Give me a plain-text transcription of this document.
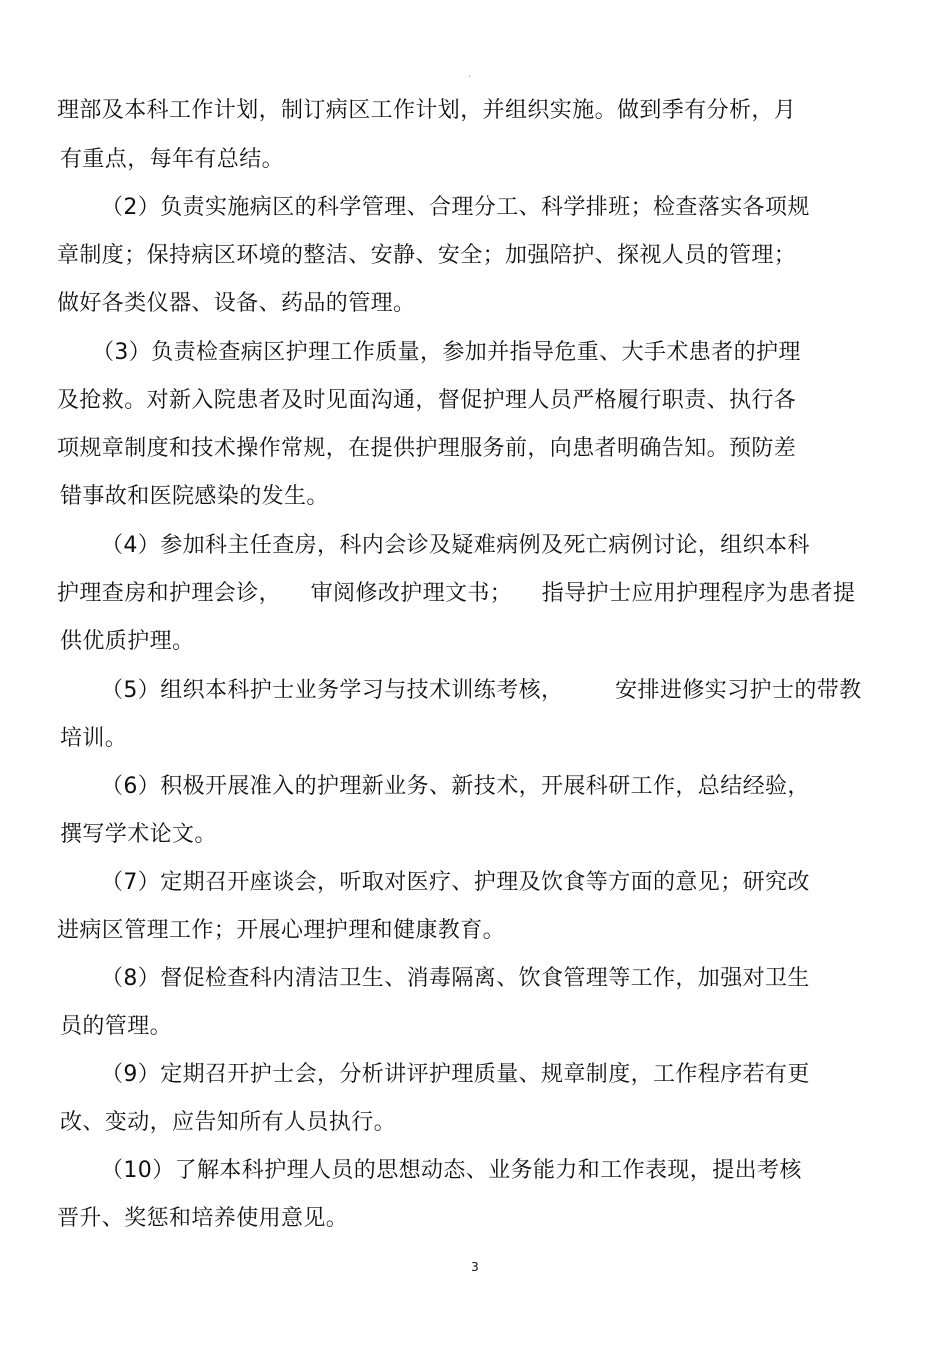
.
理部及本科工作计划，制订病区工作计划，并组织实施。做到季有分析，月
有重点，每年有总结。
（2）负责实施病区的科学管理、合理分工、科学排班；检查落实各项规
章制度；保持病区环境的整洁、安静、安全；加强陪护、探视人员的管理；
做好各类仪器、设备、药品的管理。
（3）负责检查病区护理工作质量，参加并指导危重、大手术患者的护理
及抢救。对新入院患者及时见面沟通，督促护理人员严格履行职责、执行各
项规章制度和技术操作常规，在提供护理服务前，向患者明确告知。预防差
错事故和医院感染的发生。
（4）参加科主任查房，科内会诊及疑难病例及死亡病例讨论，组织本科
护理查房和护理会诊，    审阅修改护理文书；    指导护士应用护理程序为患者提
供优质护理。
（5）组织本科护士业务学习与技术训练考核，       安排进修实习护士的带教
培训。
（6）积极开展准入的护理新业务、新技术，开展科研工作，总结经验，
撰写学术论文。
（7）定期召开座谈会，听取对医疗、护理及饮食等方面的意见；研究改
进病区管理工作；开展心理护理和健康教育。
（8）督促检查科内清洁卫生、消毒隔离、饮食管理等工作，加强对卫生
员的管理。
（9）定期召开护士会，分析讲评护理质量、规章制度，工作程序若有更
改、变动，应告知所有人员执行。
（10）了解本科护理人员的思想动态、业务能力和工作表现，提出考核
晋升、奖惩和培养使用意见。
3
